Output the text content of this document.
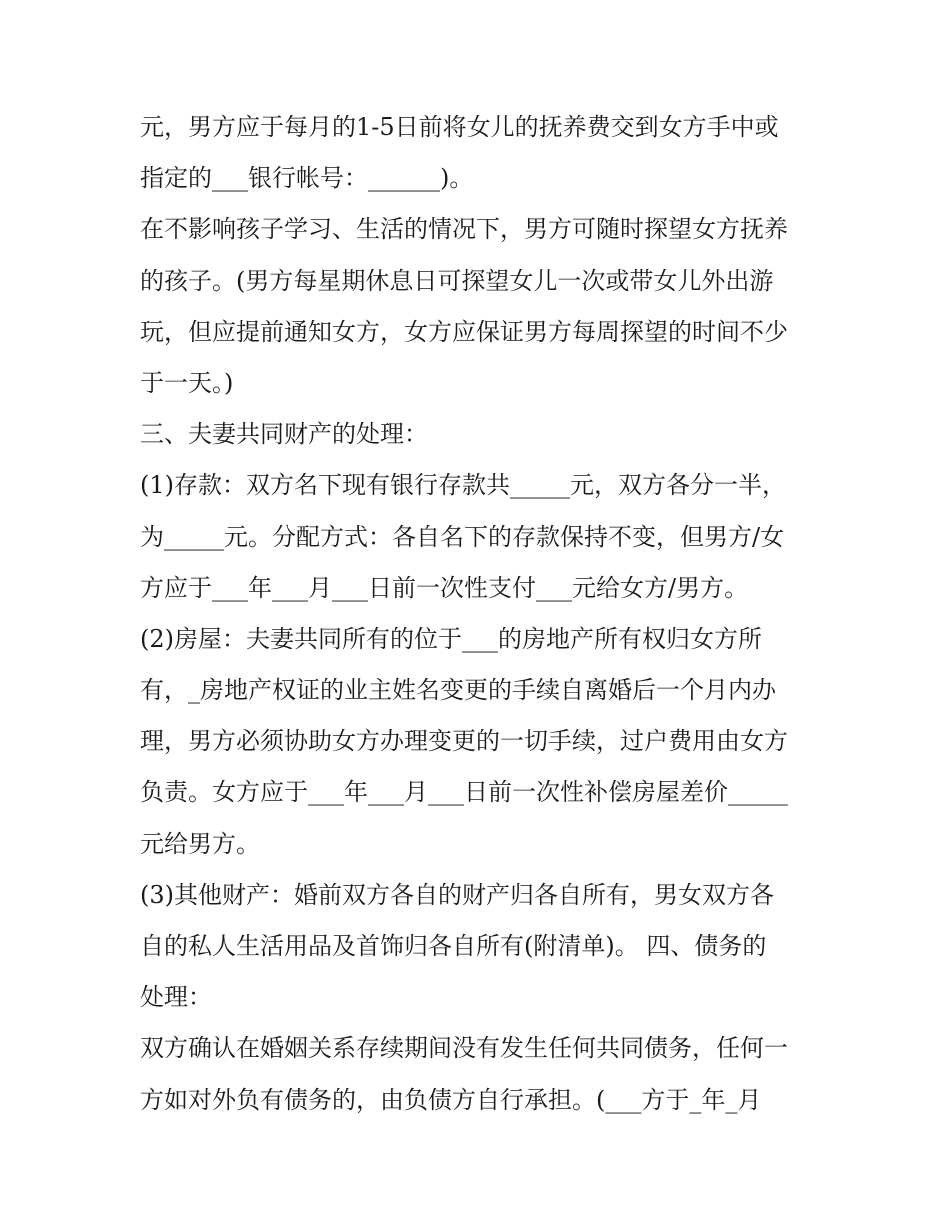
元，男方应于每月的1-5日前将女儿的抚养费交到女方手中或
指定的___银行帐号：______)。
在不影响孩子学习、生活的情况下，男方可随时探望女方抚养
的孩子。(男方每星期休息日可探望女儿一次或带女儿外出游
玩，但应提前通知女方，女方应保证男方每周探望的时间不少
于一天。)
三、夫妻共同财产的处理：
(1)存款：双方名下现有银行存款共_____元，双方各分一半，
为_____元。分配方式：各自名下的存款保持不变，但男方/女
方应于___年___月___日前一次性支付___元给女方/男方。
(2)房屋：夫妻共同所有的位于___的房地产所有权归女方所
有，_房地产权证的业主姓名变更的手续自离婚后一个月内办
理，男方必须协助女方办理变更的一切手续，过户费用由女方
负责。女方应于___年___月___日前一次性补偿房屋差价_____
元给男方。
(3)其他财产：婚前双方各自的财产归各自所有，男女双方各
自的私人生活用品及首饰归各自所有(附清单)。 四、债务的
处理：
双方确认在婚姻关系存续期间没有发生任何共同债务，任何一
方如对外负有债务的，由负债方自行承担。(___方于_年_月
